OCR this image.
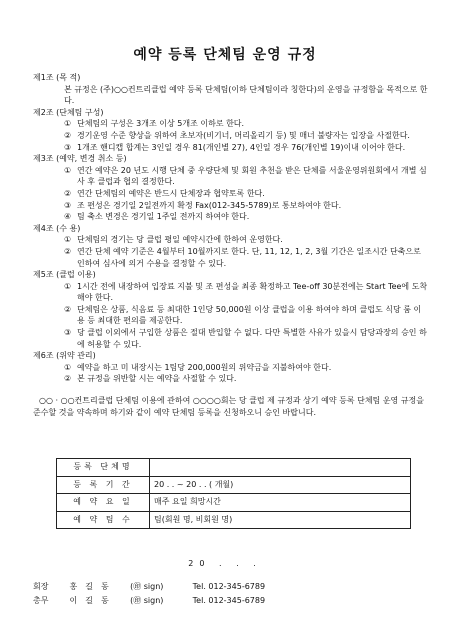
예약 등록 단체팀 운영 규정
제1조 (목 적)
본 규정은 (주)○○컨트리클럽 예약 등록 단체팀(이하 단체팀이라 칭한다)의 운영을 규정함을 목적으로 한다.
제2조 (단체팀 구성)
① 단체팀의 구성은 3개조 이상 5개조 이하로 한다.
② 경기운영 수준 향상을 위하여 초보자(비기너, 머리올리기 등) 및 매너 불량자는 입장을 사절한다.
③ 1개조 핸디캡 합계는 3인일 경우 81(개인별 27), 4인일 경우 76(개인별 19)이내 이어야 한다.
제3조 (예약, 변경 취소 등)
① 연간 예약은 20 년도 시행 단체 중 우량단체 및 회원 추천을 받은 단체를 서울운영위원회에서 개별 심사 후 클럽과 협의 결정한다.
② 연간 단체팀의 예약은 반드시 단체장과 협약토록 한다.
③ 조 편성은 경기일 2일전까지 확정 Fax(012-345-5789)로 통보하여야 한다.
④ 팀 축소 변경은 경기일 1주일 전까지 하여야 한다.
제4조 (수 용)
① 단체팀의 경기는 당 클럽 평일 예약시간에 한하여 운영한다.
② 연간 단체 예약 기준은 4월부터 10월까지로 한다. 단, 11, 12, 1, 2, 3월 기간은 일조시간 단축으로 인하여 심사에 의거 수용을 결정할 수 있다.
제5조 (클럽 이용)
① 1시간 전에 내장하여 입장료 지불 및 조 편성을 최종 확정하고 Tee-off 30분전에는 Start Tee에 도착해야 한다.
② 단체팀은 상품, 식음료 등 최대한 1인당 50,000원 이상 클럽을 이용 하여야 하며 클럽도 식당 룸 이용 등 최대한 편의를 제공한다.
③ 당 클럽 이외에서 구입한 상품은 절대 반입할 수 없다. 다만 특별한 사유가 있을시 담당과장의 승인 하에 허용할 수 있다.
제6조 (위약 관리)
① 예약을 하고 미 내장시는 1팀당 200,000원의 위약금을 지불하여야 한다.
② 본 규정을 위반할 시는 예약을 사절할 수 있다.
○○ · ○○컨트리클럽 단체팀 이용에 관하여 ○○○○회는 당 클럽 제 규정과 상기 예약 등록 단체팀 운영 규정을 준수할 것을 약속하며 하기와 같이 예약 단체팀 등록을 신청하오니 승인 바랍니다.
등록 단체명	
등 록 기 간	20 . . ~ 20 . . ( 개월)
예 약 요 일	매주 요일 희망시간
예 약 팀 수	팀(회원 명, 비회원 명)
20 . . .
회장	홍길동 (㊞ sign)	Tel. 012-345-6789
총무	이길동 (㊞ sign)	Tel. 012-345-6789
